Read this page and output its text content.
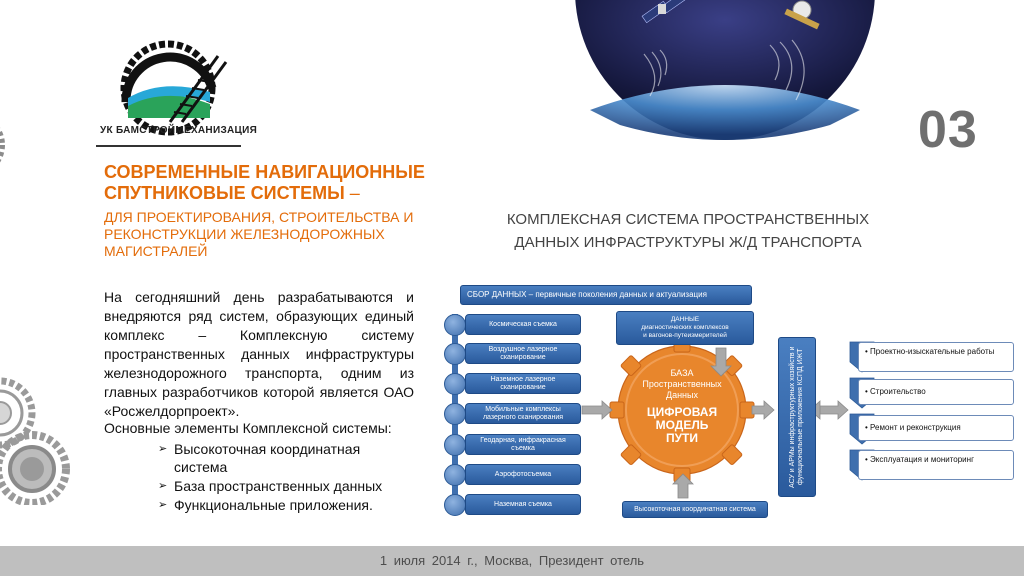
УК БАМСТРОЙМЕХАНИЗАЦИЯ	03
СОВРЕМЕННЫЕ НАВИГАЦИОННЫЕ СПУТНИКОВЫЕ СИСТЕМЫ –
ДЛЯ ПРОЕКТИРОВАНИЯ, СТРОИТЕЛЬСТВА И РЕКОНСТРУКЦИИ ЖЕЛЕЗНОДОРОЖНЫХ МАГИСТРАЛЕЙ
КОМПЛЕКСНАЯ СИСТЕМА ПРОСТРАНСТВЕННЫХ ДАННЫХ ИНФРАСТРУКТУРЫ Ж/Д ТРАНСПОРТА
На сегодняшний день разрабатываются и внедряются ряд систем, образующих единый комплекс – Комплексную систему пространственных данных инфраструктуры железнодорожного транспорта, одним из главных разработчиков которой является ОАО «Росжелдорпроект».
Основные элементы Комплексной системы:
➢ Высокоточная координатная система
➢ База пространственных данных
➢ Функциональные приложения.
СБОР ДАННЫХ – первичные поколения данных и актуализация
Космическая съемка
Воздушное лазерное сканирование
Наземное лазерное сканирование
Мобильные комплексы лазерного сканирования
Геодарная, инфракрасная съемка
Аэрофотосъемка
Наземная съемка
ДАННЫЕ
диагностических комплексов
и вагонов-путеизмерителей
БАЗА
Пространственных
Данных
ЦИФРОВАЯ
МОДЕЛЬ
ПУТИ
Высокоточная координатная система
АСУ и АРМы инфраструктурных хозяйств и функциональные приложения КСПД ИЖТ	• Проектно-изыскательные работы
• Строительство
• Ремонт и реконструкция
• Эксплуатация и мониторинг
1 июля 2014 г., Москва, Президент отель
